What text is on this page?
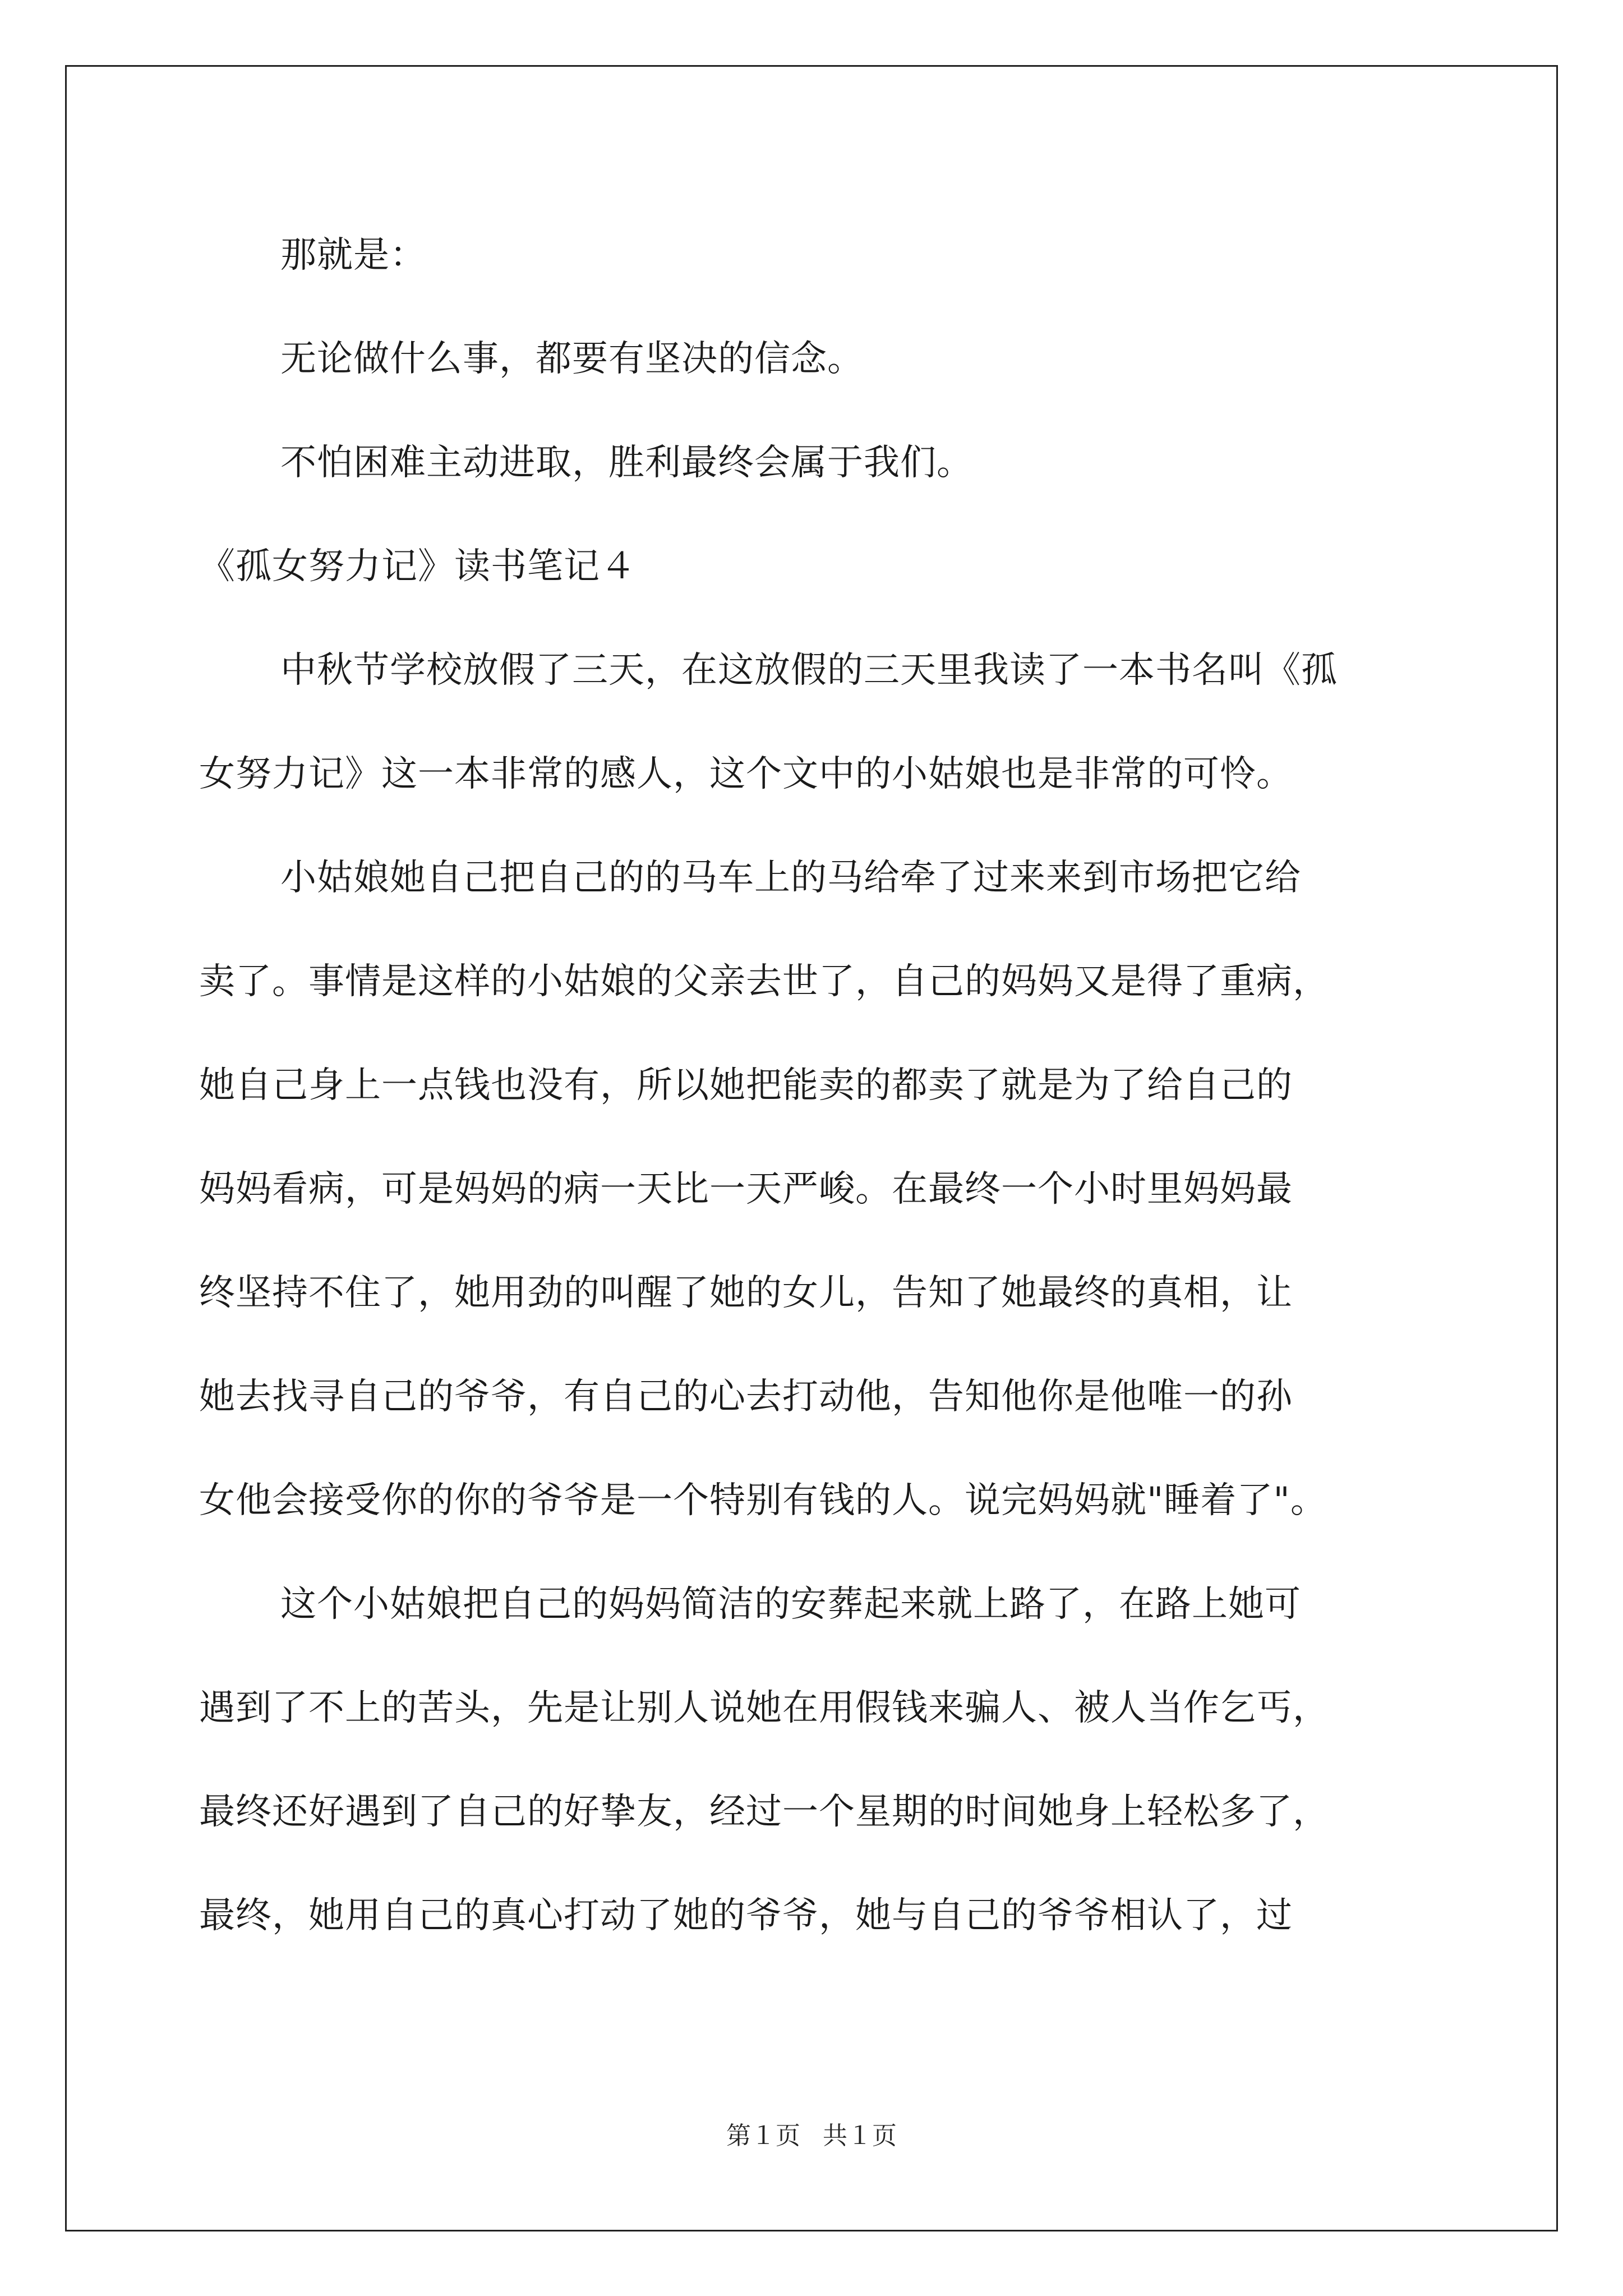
那就是：
无论做什么事，都要有坚决的信念。
不怕困难主动进取，胜利最终会属于我们。
《孤女努力记》读书笔记４
中秋节学校放假了三天，在这放假的三天里我读了一本书名叫《孤
女努力记》这一本非常的感人，这个文中的小姑娘也是非常的可怜。
小姑娘她自己把自己的的马车上的马给牵了过来来到市场把它给
卖了。事情是这样的小姑娘的父亲去世了，自己的妈妈又是得了重病，
她自己身上一点钱也没有，所以她把能卖的都卖了就是为了给自己的
妈妈看病，可是妈妈的病一天比一天严峻。在最终一个小时里妈妈最
终坚持不住了，她用劲的叫醒了她的女儿，告知了她最终的真相，让
她去找寻自己的爷爷，有自己的心去打动他，告知他你是他唯一的孙
女他会接受你的你的爷爷是一个特别有钱的人。说完妈妈就"睡着了"。
这个小姑娘把自己的妈妈简洁的安葬起来就上路了，在路上她可
遇到了不上的苦头，先是让别人说她在用假钱来骗人、被人当作乞丐，
最终还好遇到了自己的好挚友，经过一个星期的时间她身上轻松多了，
最终，她用自己的真心打动了她的爷爷，她与自己的爷爷相认了，过
第１页 共１页
